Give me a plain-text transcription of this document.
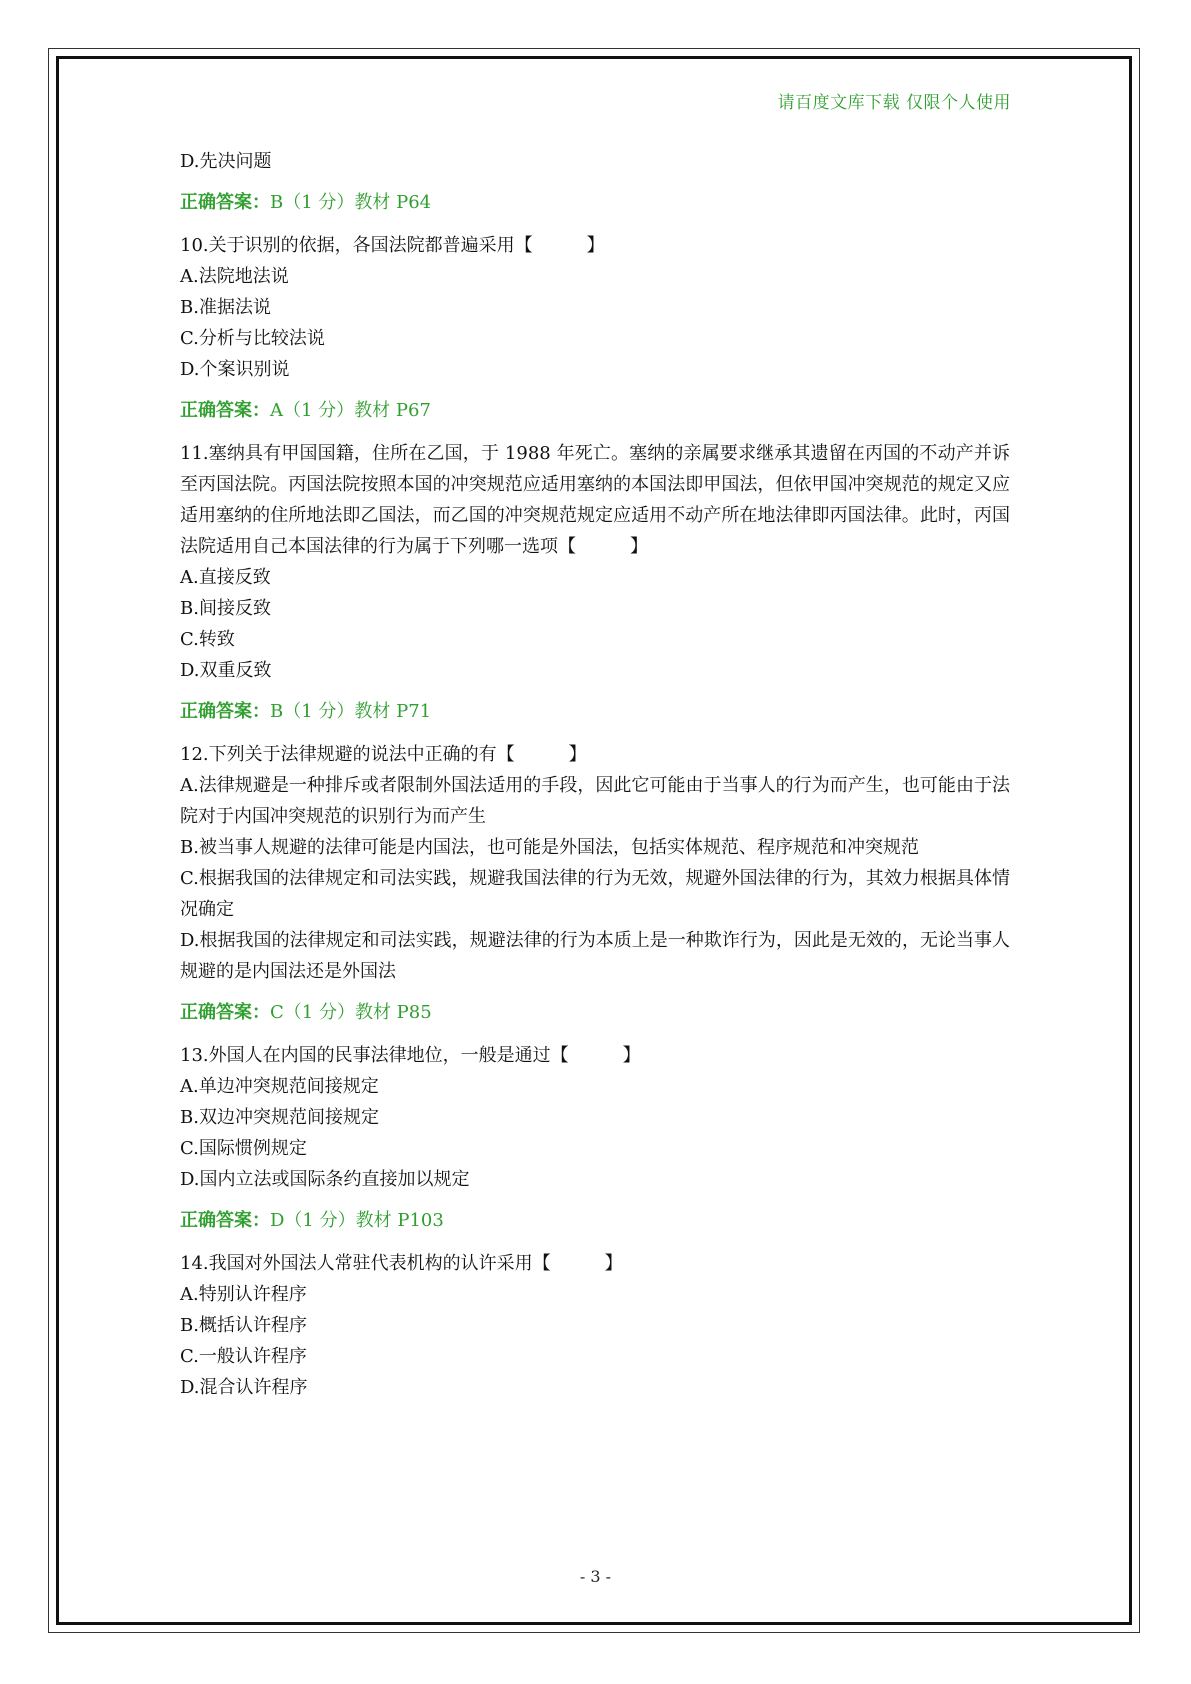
请百度文库下载 仅限个人使用

D.先决问题

正确答案：B（1 分）教材 P64

10.关于识别的依据，各国法院都普遍采用【　　　】

A.法院地法说

B.准据法说

C.分析与比较法说

D.个案识别说

正确答案：A（1 分）教材 P67

11.塞纳具有甲国国籍，住所在乙国，于 1988 年死亡。塞纳的亲属要求继承其遗留在丙国的不动产并诉至丙国法院。丙国法院按照本国的冲突规范应适用塞纳的本国法即甲国法，但依甲国冲突规范的规定又应适用塞纳的住所地法即乙国法，而乙国的冲突规范规定应适用不动产所在地法律即丙国法律。此时，丙国法院适用自己本国法律的行为属于下列哪一选项【　　　】

A.直接反致

B.间接反致

C.转致

D.双重反致

正确答案：B（1 分）教材 P71

12.下列关于法律规避的说法中正确的有【　　　】

A.法律规避是一种排斥或者限制外国法适用的手段，因此它可能由于当事人的行为而产生，也可能由于法院对于内国冲突规范的识别行为而产生

B.被当事人规避的法律可能是内国法，也可能是外国法，包括实体规范、程序规范和冲突规范

C.根据我国的法律规定和司法实践，规避我国法律的行为无效，规避外国法律的行为，其效力根据具体情况确定

D.根据我国的法律规定和司法实践，规避法律的行为本质上是一种欺诈行为，因此是无效的，无论当事人规避的是内国法还是外国法

正确答案：C（1 分）教材 P85

13.外国人在内国的民事法律地位，一般是通过【　　　】

A.单边冲突规范间接规定

B.双边冲突规范间接规定

C.国际惯例规定

D.国内立法或国际条约直接加以规定

正确答案：D（1 分）教材 P103

14.我国对外国法人常驻代表机构的认许采用【　　　】

A.特别认许程序

B.概括认许程序

C.一般认许程序

D.混合认许程序

- 3 -
